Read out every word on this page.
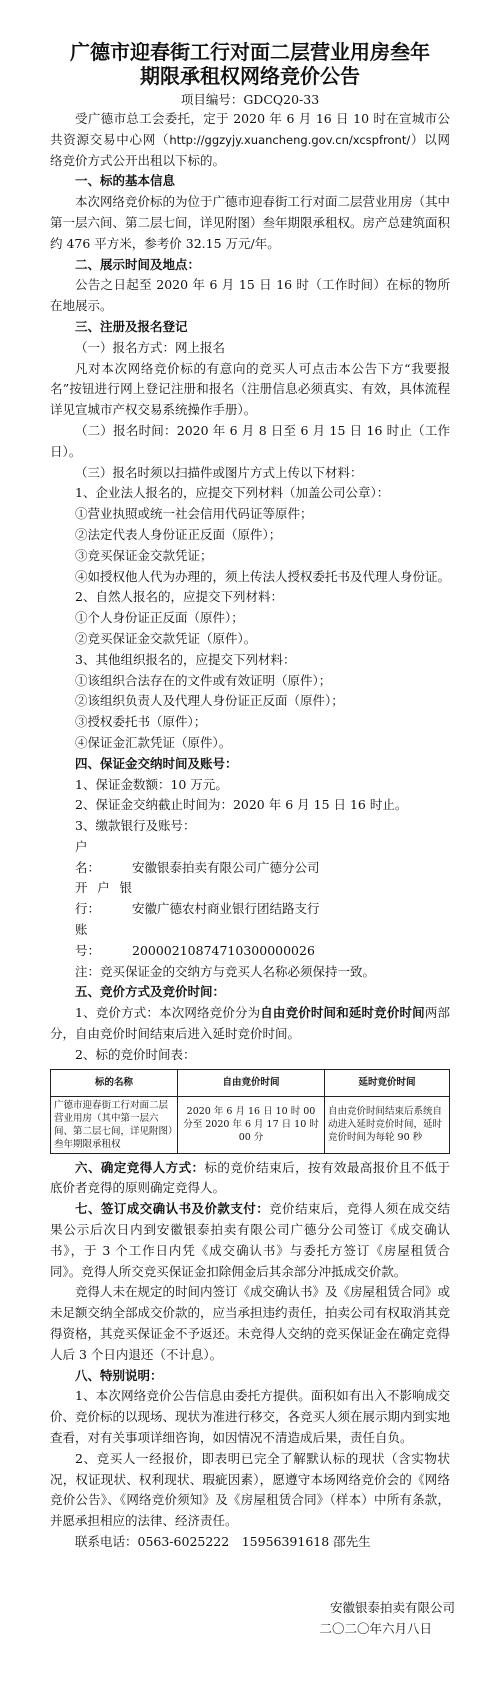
广德市迎春街工行对面二层营业用房叁年
期限承租权网络竞价公告
项目编号：GDCQ20-33

受广德市总工会委托，定于 2020 年 6 月 16 日 10 时在宣城市公共资源交易中心网（http://ggzyjy.xuancheng.gov.cn/xcspfront/）以网络竞价方式公开出租以下标的。

一、标的基本信息

本次网络竞价标的为位于广德市迎春街工行对面二层营业用房（其中第一层六间、第二层七间，详见附图）叁年期限承租权。房产总建筑面积约 476 平方米，参考价 32.15 万元/年。

二、展示时间及地点：

公告之日起至 2020 年 6 月 15 日 16 时（工作时间）在标的物所在地展示。

三、注册及报名登记

（一）报名方式：网上报名

凡对本次网络竞价标的有意向的竞买人可点击本公告下方“我要报名”按钮进行网上登记注册和报名（注册信息必须真实、有效，具体流程详见宣城市产权交易系统操作手册）。

（二）报名时间：2020 年 6 月 8 日至 6 月 15 日 16 时止（工作日）。

（三）报名时须以扫描件或图片方式上传以下材料：

1、企业法人报名的，应提交下列材料（加盖公司公章）：

①营业执照或统一社会信用代码证等原件；

②法定代表人身份证正反面（原件）；

③竞买保证金交款凭证；

④如授权他人代为办理的，须上传法人授权委托书及代理人身份证。

2、自然人报名的，应提交下列材料：

①个人身份证正反面（原件）；

②竞买保证金交款凭证（原件）。

3、其他组织报名的，应提交下列材料：

①该组织合法存在的文件或有效证明（原件）；

②该组织负责人及代理人身份证正反面（原件）；

③授权委托书（原件）；

④保证金汇款凭证（原件）。

四、保证金交纳时间及账号：

1、保证金数额：10 万元。

2、保证金交纳截止时间为：2020 年 6 月 15 日 16 时止。

3、缴款银行及账号：

户　　名：	安徽银泰拍卖有限公司广德分公司

开户银行：	安徽广德农村商业银行团结路支行

账　　号：	20000210874710300000026

注：竞买保证金的交纳方与竞买人名称必须保持一致。

五、竞价方式及竞价时间：

1、竞价方式：本次网络竞价分为自由竞价时间和延时竞价时间两部分，自由竞价时间结束后进入延时竞价时间。

2、标的竞价时间表：

标的名称	自由竞价时间	延时竞价时间
广德市迎春街工行对面二层营业用房（其中第一层六间、第二层七间，详见附图）叁年期限承租权	2020 年 6 月 16 日 10 时 00 分至 2020 年 6 月 17 日 10 时 00 分	自由竞价时间结束后系统自动进入延时竞价时间，延时竞价时间为每轮 90 秒

六、确定竞得人方式：标的竞价结束后，按有效最高报价且不低于底价者竞得的原则确定竞得人。

七、签订成交确认书及价款支付：竞价结束后，竞得人须在成交结果公示后次日内到安徽银泰拍卖有限公司广德分公司签订《成交确认书》，于 3 个工作日内凭《成交确认书》与委托方签订《房屋租赁合同》。竞得人所交竞买保证金扣除佣金后其余部分冲抵成交价款。

竞得人未在规定的时间内签订《成交确认书》及《房屋租赁合同》或未足额交纳全部成交价款的，应当承担违约责任，拍卖公司有权取消其竞得资格，其竞买保证金不予返还。未竞得人交纳的竞买保证金在确定竞得人后 3 个日内退还（不计息）。

八、特别说明：

1、本次网络竞价公告信息由委托方提供。面积如有出入不影响成交价、竞价标的以现场、现状为准进行移交，各竞买人须在展示期内到实地查看，对有关事项详细咨询，如因情况不清造成后果，责任自负。

2、竞买人一经报价，即表明已完全了解默认标的现状（含实物状况，权证现状、权利现状、瑕疵因素），愿遵守本场网络竞价会的《网络竞价公告》、《网络竞价须知》及《房屋租赁合同》（样本）中所有条款，并愿承担相应的法律、经济责任。

联系电话：0563-6025222　15956391618 邵先生

安徽银泰拍卖有限公司
二〇二〇年六月八日
